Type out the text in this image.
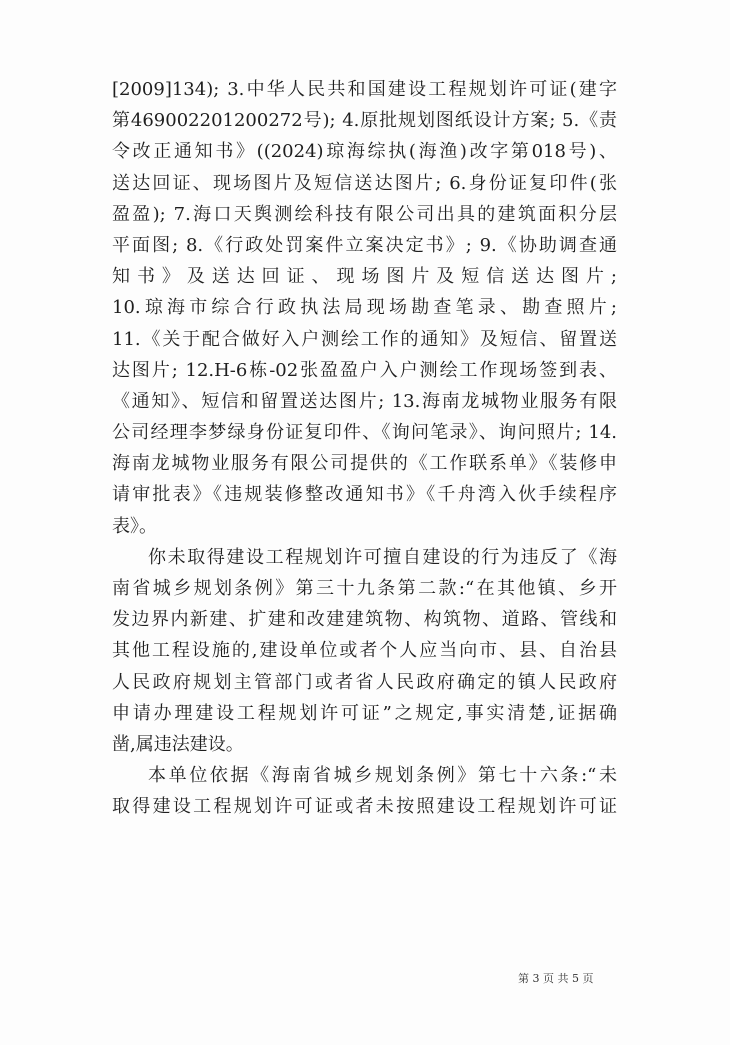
[2009]134); 3.中华人民共和国建设工程规划许可证(建字
第469002201200272号); 4.原批规划图纸设计方案; 5.《责
令改正通知书》((2024)琼海综执(海渔)改字第018号)、
送达回证、现场图片及短信送达图片; 6.身份证复印件(张
盈盈); 7.海口天舆测绘科技有限公司出具的建筑面积分层
平面图; 8.《行政处罚案件立案决定书》; 9.《协助调查通
知书》及送达回证、现场图片及短信送达图片;
10.琼海市综合行政执法局现场勘查笔录、勘查照片;
11.《关于配合做好入户测绘工作的通知》及短信、留置送
达图片; 12.H-6栋-02张盈盈户入户测绘工作现场签到表、
《通知》、短信和留置送达图片; 13.海南龙城物业服务有限
公司经理李梦绿身份证复印件、《询问笔录》、询问照片; 14.
海南龙城物业服务有限公司提供的《工作联系单》《装修申
请审批表》《违规装修整改通知书》《千舟湾入伙手续程序
表》。
你未取得建设工程规划许可擅自建设的行为违反了《海
南省城乡规划条例》第三十九条第二款:“在其他镇、乡开
发边界内新建、扩建和改建建筑物、构筑物、道路、管线和
其他工程设施的,建设单位或者个人应当向市、县、自治县
人民政府规划主管部门或者省人民政府确定的镇人民政府
申请办理建设工程规划许可证”之规定,事实清楚,证据确
凿,属违法建设。
本单位依据《海南省城乡规划条例》第七十六条:“未
取得建设工程规划许可证或者未按照建设工程规划许可证
第 3 页 共 5 页
